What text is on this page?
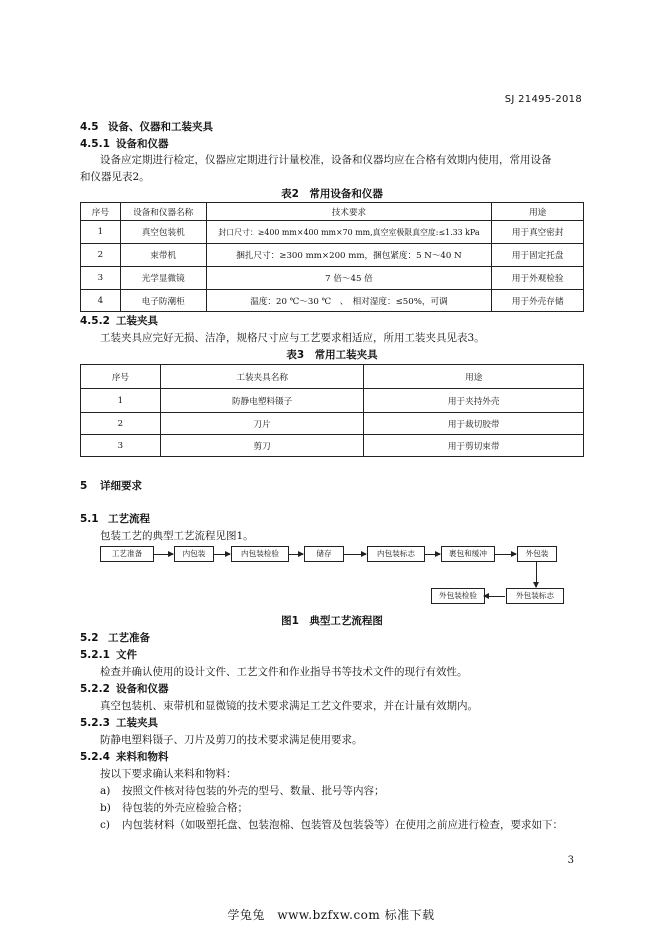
SJ 21495-2018
4.5 设备、仪器和工装夹具
4.5.1 设备和仪器
设备应定期进行检定，仪器应定期进行计量校准，设备和仪器均应在合格有效期内使用，常用设备
和仪器见表2。
表2　常用设备和仪器
序号	设备和仪器名称	技术要求	用途
1	真空包装机	封口尺寸：≥400 mm×400 mm×70 mm,真空室极限真空度:≤1.33 kPa	用于真空密封
2	束带机	捆扎尺寸：≥300 mm×200 mm，捆包紧度：5 N～40 N	用于固定托盘
3	光学显微镜	7 倍～45 倍	用于外观检验
4	电子防潮柜	温度：20 ℃～30 ℃　、　相对湿度：≤50%，可调	用于外壳存储
4.5.2 工装夹具
工装夹具应完好无损、洁净，规格尺寸应与工艺要求相适应，所用工装夹具见表3。
表3　常用工装夹具
序号	工装夹具名称	用途
1	防静电塑料镊子	用于夹持外壳
2	刀片	用于裁切胶带
3	剪刀	用于剪切束带
5 详细要求
5.1 工艺流程
包装工艺的典型工艺流程见图1。
工艺准备	内包装	内包装检验	储存	内包装标志	裹包和缓冲	外包装
外包装标志
外包装检验
图1　典型工艺流程图
5.2 工艺准备
5.2.1 文件
检查并确认使用的设计文件、工艺文件和作业指导书等技术文件的现行有效性。
5.2.2 设备和仪器
真空包装机、束带机和显微镜的技术要求满足工艺文件要求，并在计量有效期内。
5.2.3 工装夹具
防静电塑料镊子、刀片及剪刀的技术要求满足使用要求。
5.2.4 来料和物料
按以下要求确认来料和物料：
a) 按照文件核对待包装的外壳的型号、数量、批号等内容；
b) 待包装的外壳应检验合格；
c) 内包装材料（如吸塑托盘、包装泡棉、包装管及包装袋等）在使用之前应进行检查，要求如下：
3
学兔兔　www.bzfxw.com 标准下载
